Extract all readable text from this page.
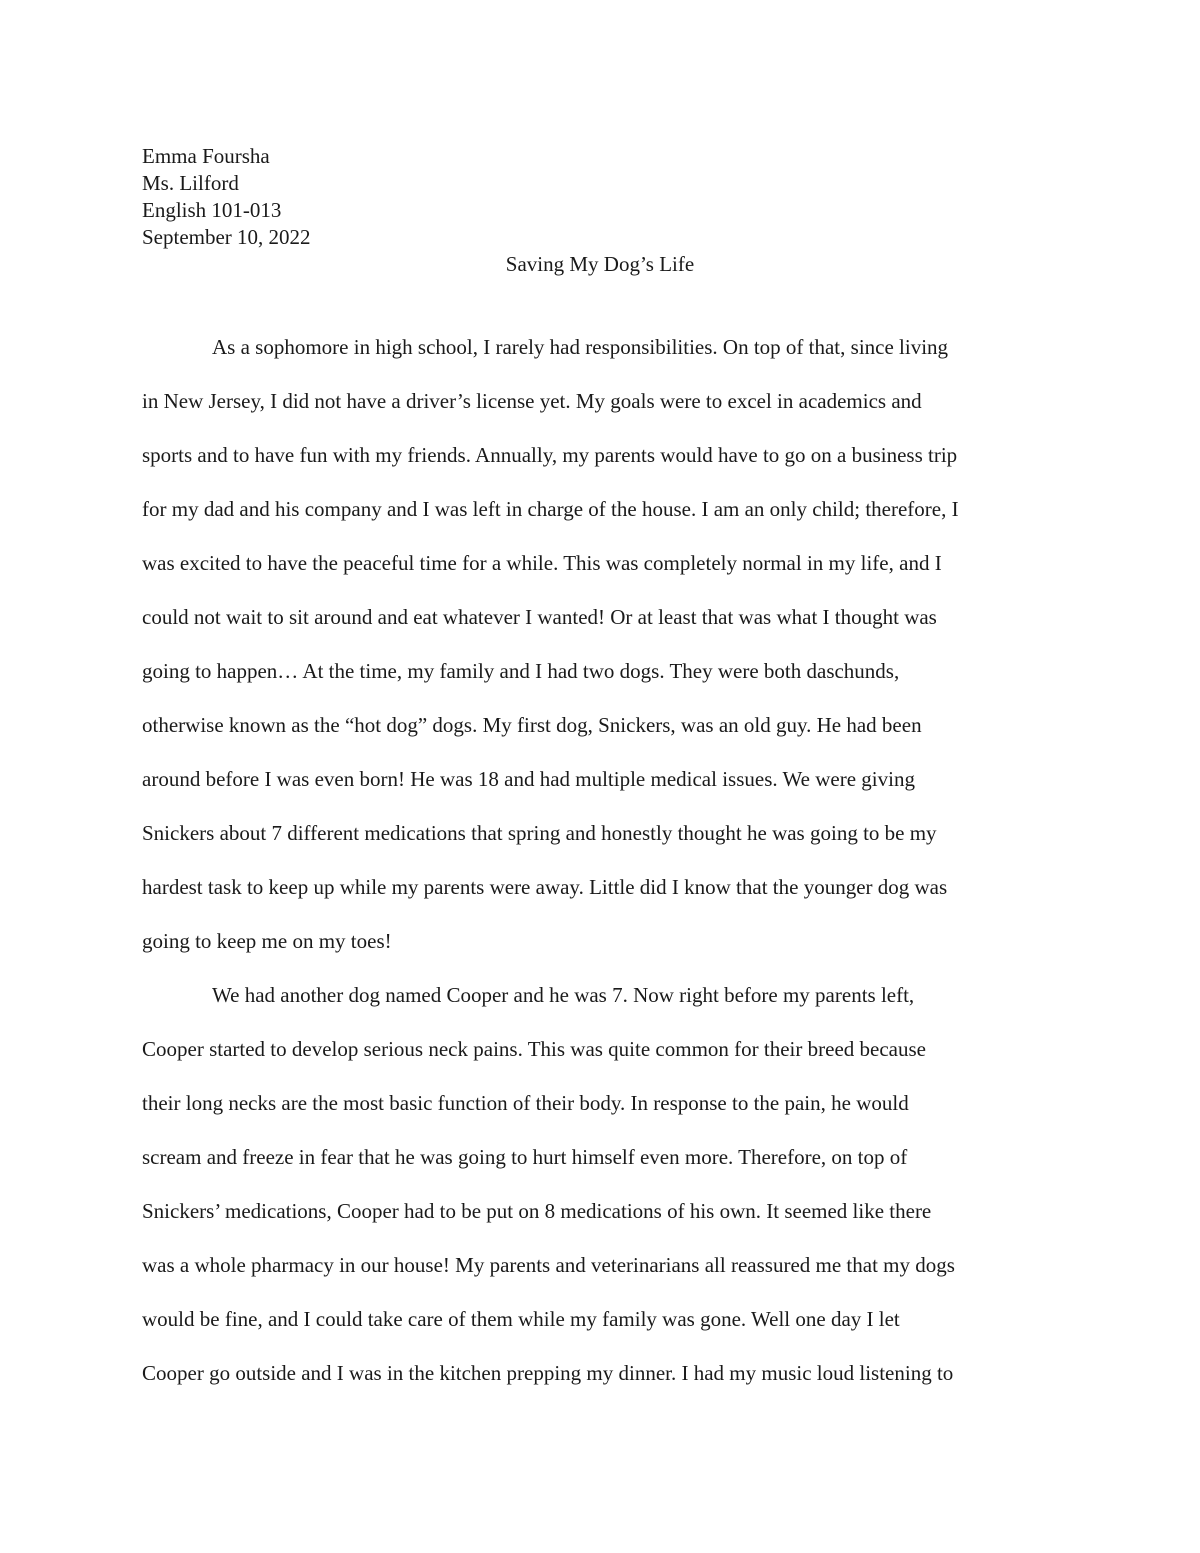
Emma Foursha
Ms. Lilford
English 101-013
September 10, 2022
Saving My Dog’s Life
As a sophomore in high school, I rarely had responsibilities. On top of that, since living
in New Jersey, I did not have a driver’s license yet. My goals were to excel in academics and
sports and to have fun with my friends. Annually, my parents would have to go on a business trip
for my dad and his company and I was left in charge of the house. I am an only child; therefore, I
was excited to have the peaceful time for a while. This was completely normal in my life, and I
could not wait to sit around and eat whatever I wanted! Or at least that was what I thought was
going to happen… At the time, my family and I had two dogs. They were both daschunds,
otherwise known as the “hot dog” dogs. My first dog, Snickers, was an old guy. He had been
around before I was even born! He was 18 and had multiple medical issues. We were giving
Snickers about 7 different medications that spring and honestly thought he was going to be my
hardest task to keep up while my parents were away. Little did I know that the younger dog was
going to keep me on my toes!
We had another dog named Cooper and he was 7. Now right before my parents left,
Cooper started to develop serious neck pains. This was quite common for their breed because
their long necks are the most basic function of their body. In response to the pain, he would
scream and freeze in fear that he was going to hurt himself even more. Therefore, on top of
Snickers’ medications, Cooper had to be put on 8 medications of his own. It seemed like there
was a whole pharmacy in our house! My parents and veterinarians all reassured me that my dogs
would be fine, and I could take care of them while my family was gone. Well one day I let
Cooper go outside and I was in the kitchen prepping my dinner. I had my music loud listening to
